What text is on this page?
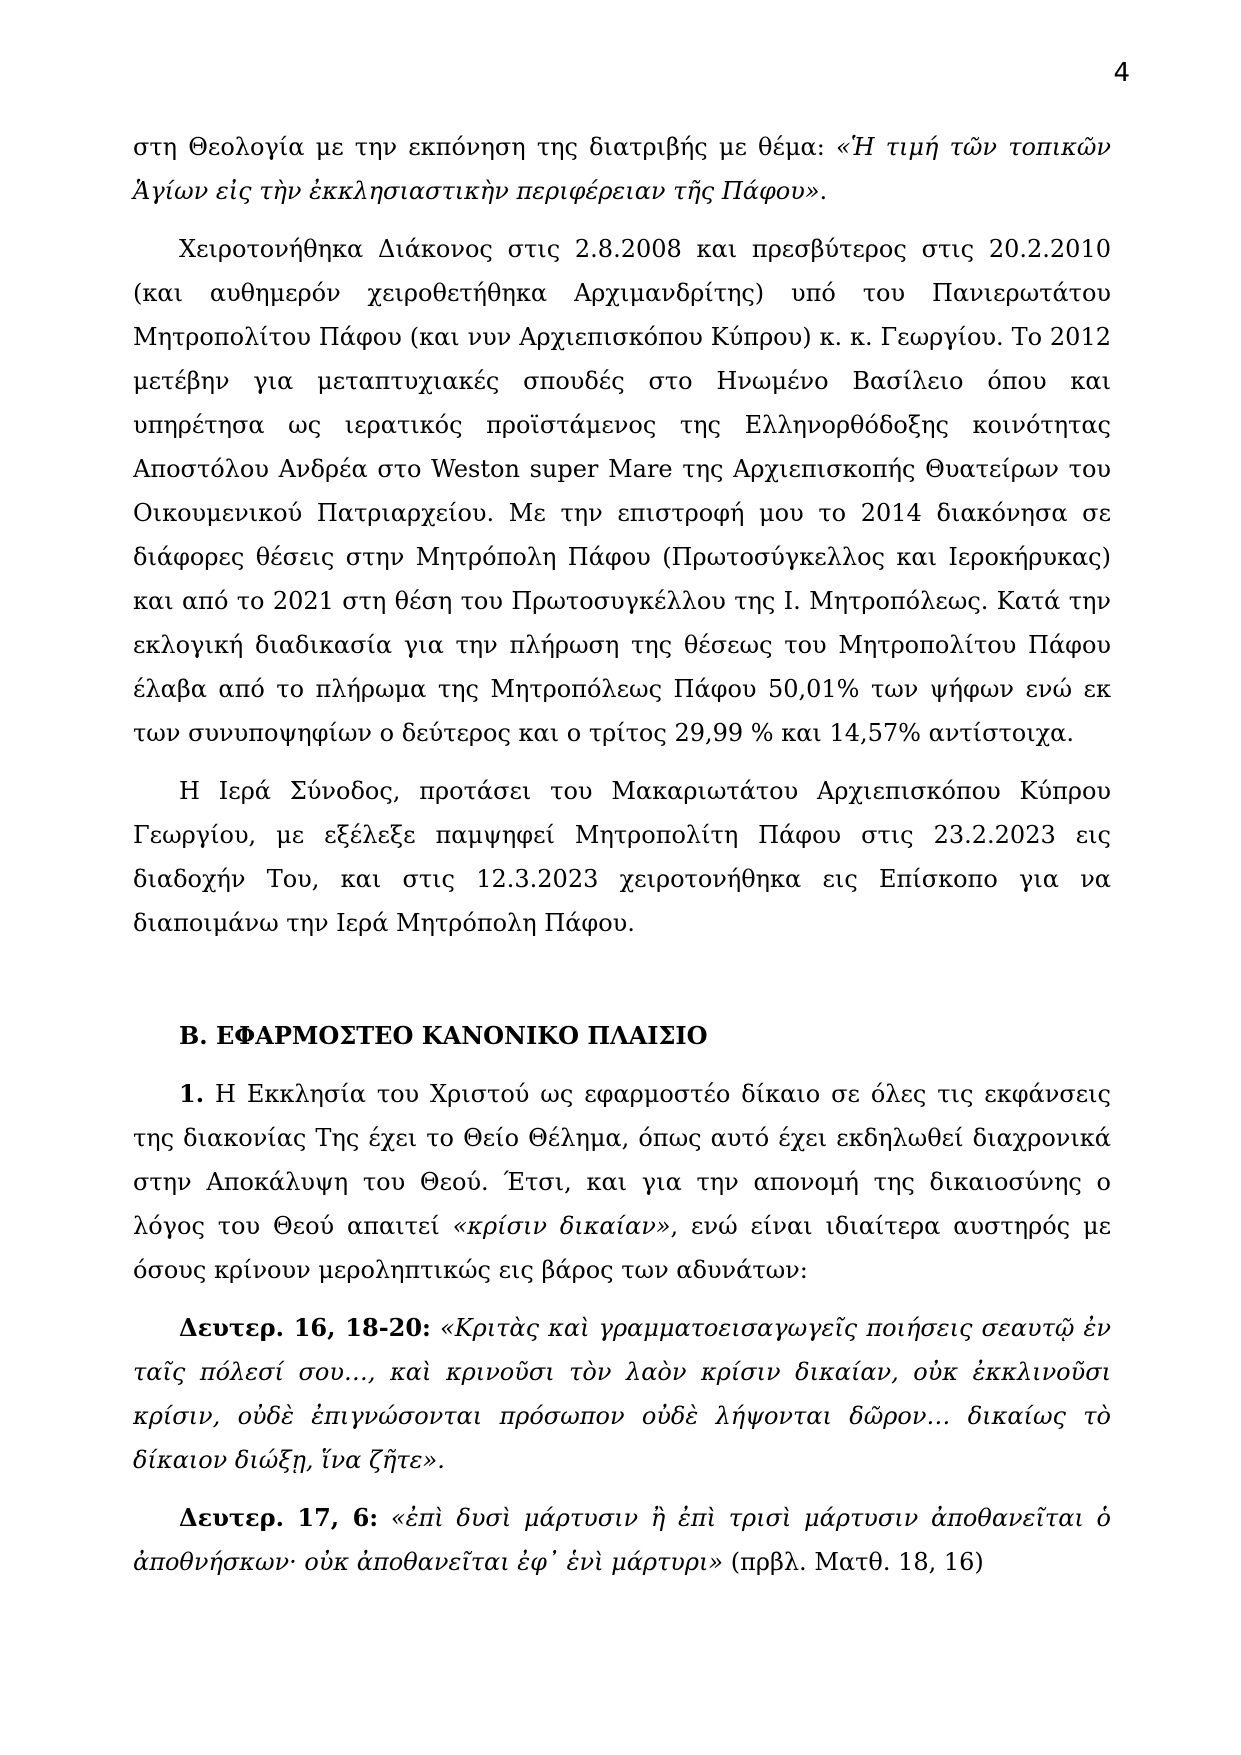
4

στη Θεολογία με την εκπόνηση της διατριβής με θέμα: «Ἡ τιμή τῶν τοπικῶν Ἁγίων εἰς τὴν ἐκκλησιαστικὴν περιφέρειαν τῆς Πάφου».

Χειροτονήθηκα Διάκονος στις 2.8.2008 και πρεσβύτερος στις 20.2.2010 (και αυθημερόν χειροθετήθηκα Αρχιμανδρίτης) υπό του Πανιερωτάτου Μητροπολίτου Πάφου (και νυν Αρχιεπισκόπου Κύπρου) κ. κ. Γεωργίου. Το 2012 μετέβην για μεταπτυχιακές σπουδές στο Ηνωμένο Βασίλειο όπου και υπηρέτησα ως ιερατικός προϊστάμενος της Ελληνορθόδοξης κοινότητας Αποστόλου Ανδρέα στο Weston super Mare της Αρχιεπισκοπής Θυατείρων του Οικουμενικού Πατριαρχείου. Με την επιστροφή μου το 2014 διακόνησα σε διάφορες θέσεις στην Μητρόπολη Πάφου (Πρωτοσύγκελλος και Ιεροκήρυκας) και από το 2021 στη θέση του Πρωτοσυγκέλλου της Ι. Μητροπόλεως. Κατά την εκλογική διαδικασία για την πλήρωση της θέσεως του Μητροπολίτου Πάφου έλαβα από το πλήρωμα της Μητροπόλεως Πάφου 50,01% των ψήφων ενώ εκ των συνυποψηφίων ο δεύτερος και ο τρίτος 29,99 % και 14,57% αντίστοιχα.

Η Ιερά Σύνοδος, προτάσει του Μακαριωτάτου Αρχιεπισκόπου Κύπρου Γεωργίου, με εξέλεξε παμψηφεί Μητροπολίτη Πάφου στις 23.2.2023 εις διαδοχήν Του, και στις 12.3.2023 χειροτονήθηκα εις Επίσκοπο για να διαποιμάνω την Ιερά Μητρόπολη Πάφου.

Β. ΕΦΑΡΜΟΣΤΕΟ ΚΑΝΟΝΙΚΟ ΠΛΑΙΣΙΟ

1. Η Εκκλησία του Χριστού ως εφαρμοστέο δίκαιο σε όλες τις εκφάνσεις της διακονίας Της έχει το Θείο Θέλημα, όπως αυτό έχει εκδηλωθεί διαχρονικά στην Αποκάλυψη του Θεού. Έτσι, και για την απονομή της δικαιοσύνης ο λόγος του Θεού απαιτεί «κρίσιν δικαίαν», ενώ είναι ιδιαίτερα αυστηρός με όσους κρίνουν μεροληπτικώς εις βάρος των αδυνάτων:

Δευτερ. 16, 18-20: «Κριτὰς καὶ γραμματοεισαγωγεῖς ποιήσεις σεαυτῷ ἐν ταῖς πόλεσί σου…, καὶ κρινοῦσι τὸν λαὸν κρίσιν δικαίαν, οὐκ ἐκκλινοῦσι κρίσιν, οὐδὲ ἐπιγνώσονται πρόσωπον οὐδὲ λήψονται δῶρον… δικαίως τὸ δίκαιον διώξῃ, ἵνα ζῆτε».

Δευτερ. 17, 6: «ἐπὶ δυσὶ μάρτυσιν ἢ ἐπὶ τρισὶ μάρτυσιν ἀποθανεῖται ὁ ἀποθνήσκων· οὐκ ἀποθανεῖται ἐφ᾽ ἑνὶ μάρτυρι» (πρβλ. Ματθ. 18, 16)
